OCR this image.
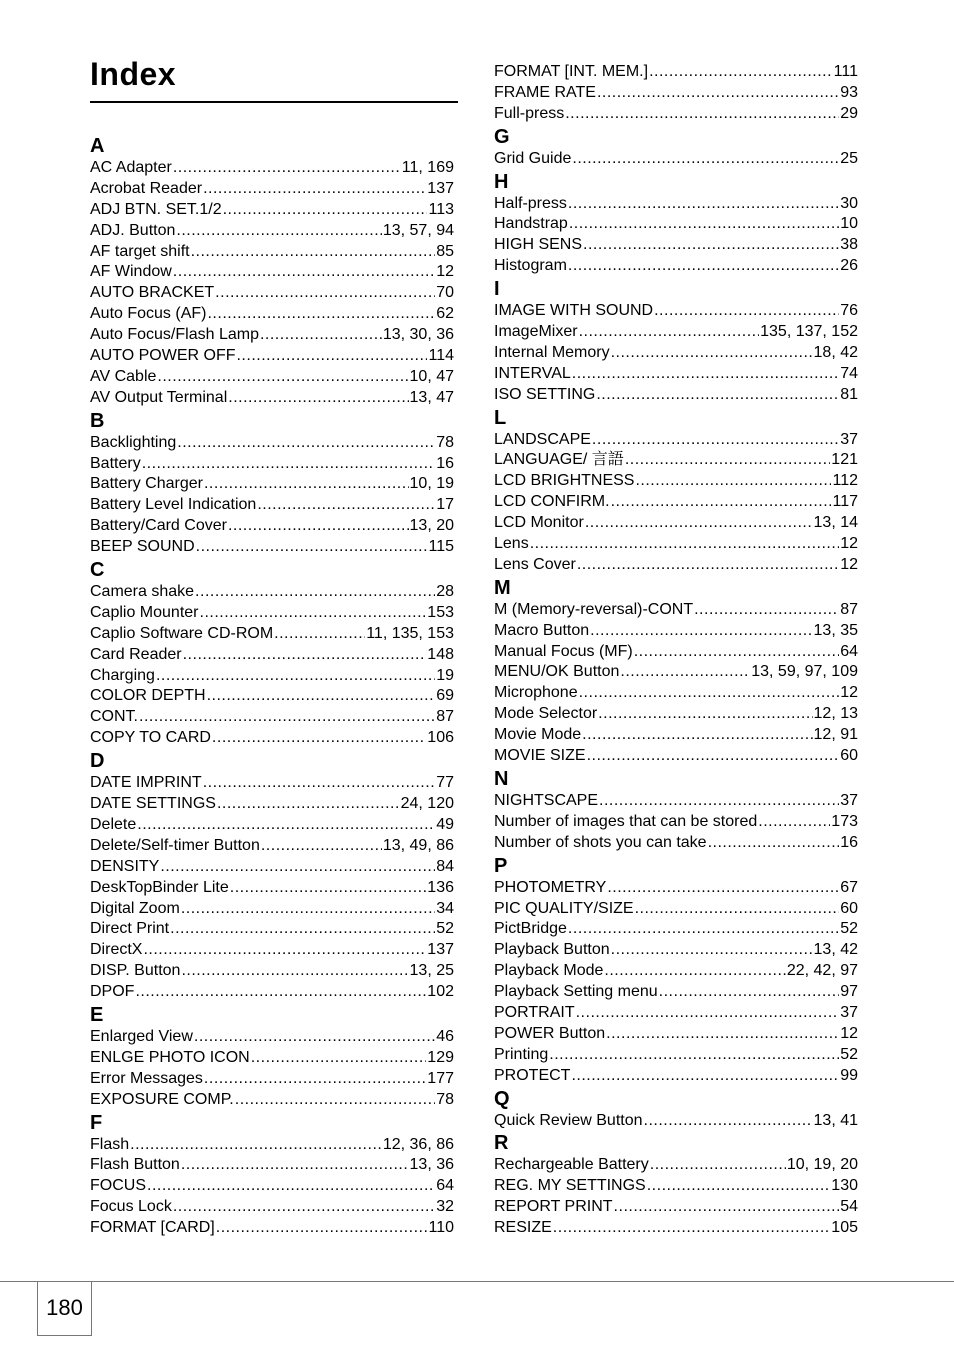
Index
A
AC Adapter .....	11, 169
Acrobat Reader .....	137
ADJ BTN. SET.1/2 .....	113
ADJ. Button .....	13, 57, 94
AF target shift .....	85
AF Window .....	12
AUTO BRACKET .....	70
Auto Focus (AF) .....	62
Auto Focus/Flash Lamp .....	13, 30, 36
AUTO POWER OFF .....	114
AV Cable .....	10, 47
AV Output Terminal .....	13, 47
B
Backlighting .....	78
Battery .....	16
Battery Charger .....	10, 19
Battery Level Indication .....	17
Battery/Card Cover .....	13, 20
BEEP SOUND .....	115
C
Camera shake .....	28
Caplio Mounter .....	153
Caplio Software CD-ROM .....	11, 135, 153
Card Reader .....	148
Charging .....	19
COLOR DEPTH .....	69
CONT. .....	87
COPY TO CARD .....	106
D
DATE IMPRINT .....	77
DATE SETTINGS .....	24, 120
Delete .....	49
Delete/Self-timer Button .....	13, 49, 86
DENSITY .....	84
DeskTopBinder Lite .....	136
Digital Zoom .....	34
Direct Print .....	52
DirectX .....	137
DISP. Button .....	13, 25
DPOF .....	102
E
Enlarged View .....	46
ENLGE PHOTO ICON .....	129
Error Messages .....	177
EXPOSURE COMP. .....	78
F
Flash .....	12, 36, 86
Flash Button .....	13, 36
FOCUS .....	64
Focus Lock .....	32
FORMAT [CARD] .....	110
FORMAT [INT. MEM.] .....	111
FRAME RATE .....	93
Full-press .....	29
G
Grid Guide .....	25
H
Half-press .....	30
Handstrap .....	10
HIGH SENS .....	38
Histogram .....	26
I
IMAGE WITH SOUND .....	76
ImageMixer .....	135, 137, 152
Internal Memory .....	18, 42
INTERVAL .....	74
ISO SETTING .....	81
L
LANDSCAPE .....	37
LANGUAGE/ 言語 .....	121
LCD BRIGHTNESS .....	112
LCD CONFIRM. .....	117
LCD Monitor .....	13, 14
Lens .....	12
Lens Cover .....	12
M
M (Memory-reversal)-CONT .....	87
Macro Button .....	13, 35
Manual Focus (MF) .....	64
MENU/OK Button .....	13, 59, 97, 109
Microphone .....	12
Mode Selector .....	12, 13
Movie Mode .....	12, 91
MOVIE SIZE .....	60
N
NIGHTSCAPE .....	37
Number of images that can be stored .....	173
Number of shots you can take .....	16
P
PHOTOMETRY .....	67
PIC QUALITY/SIZE .....	60
PictBridge .....	52
Playback Button .....	13, 42
Playback Mode .....	22, 42, 97
Playback Setting menu .....	97
PORTRAIT .....	37
POWER Button .....	12
Printing .....	52
PROTECT .....	99
Q
Quick Review Button .....	13, 41
R
Rechargeable Battery .....	10, 19, 20
REG. MY SETTINGS .....	130
REPORT PRINT .....	54
RESIZE .....	105
180
